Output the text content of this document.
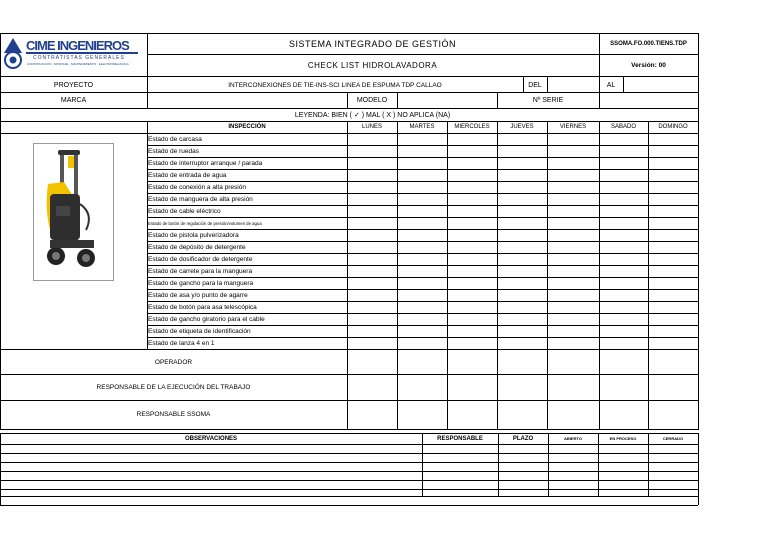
CIME INGENIEROS
CONTRATISTAS GENERALES
CONSTRUCCION · MONTAJE · MANTENIMIENTO · ELECTROMECANICA
SISTEMA INTEGRADO DE GESTIÓN
CHECK LIST HIDROLAVADORA
SSOMA.FO.000.TIENS.TDP
Versión: 00
PROYECTO	INTERCONEXIONES DE TIE-INS-SCI LINEA DE ESPUMA TDP CALLAO	DEL	AL
MARCA	MODELO	Nº SERIE
LEYENDA: BIEN ( ✓ ) MAL ( X ) NO APLICA (NA)
INSPECCIÓN	LUNES	MARTES	MIERCOLES	JUEVES	VIERNES	SABADO	DOMINGO
Estado de carcasa
Estado de ruedas
Estado de interruptor arranque / parada
Estado de entrada de agua
Estado de conexión a alta presión
Estado de manguera de alta presión
Estado de cable eléctrico
Estado de botón de regulación de presión/volumen de agua
Estado de pistola pulverizadora
Estado de depósito de detergente
Estado de dosificador de detergente
Estado de carrete para la manguera
Estado de gancho para la manguera
Estado de asa y/o punto de agarre
Estado de botón para asa telescópica
Estado de gancho giratorio para el cable
Estado de etiqueta de identificación
Estado de lanza 4 en 1
OPERADOR
RESPONSABLE DE LA EJECUCIÓN DEL TRABAJO
RESPONSABLE SSOMA
OBSERVACIONES	RESPONSABLE	PLAZO	ABIERTO	EN PROCESO	CERRADO
